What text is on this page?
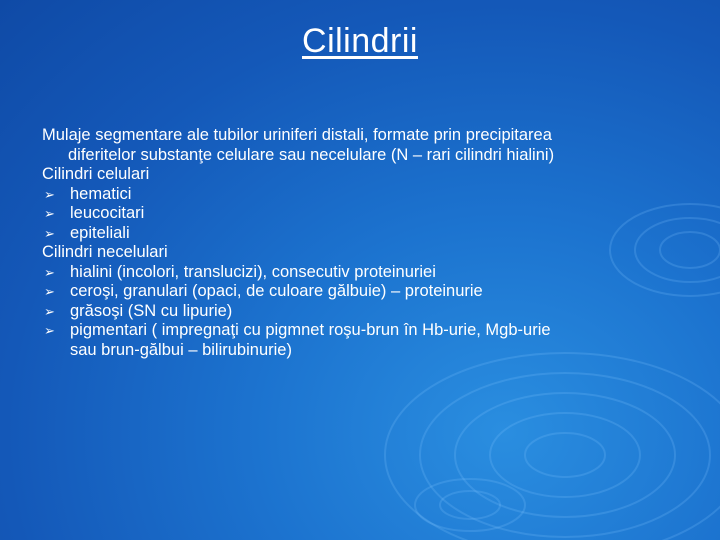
Cilindrii

Mulaje segmentare ale tubilor uriniferi distali, formate prin precipitarea
diferitelor substanţe celulare sau necelulare (N – rari cilindri hialini)

Cilindri celulari

➢ hematici

➢ leucocitari

➢ epiteliali

Cilindri necelulari

➢ hialini (incolori, translucizi), consecutiv proteinuriei

➢ ceroşi, granulari (opaci, de culoare gălbuie) – proteinurie

➢ grăsoşi (SN cu lipurie)

➢ pigmentari ( impregnaţi cu pigmnet roşu-brun în Hb-urie, Mgb-urie
sau brun-gălbui – bilirubinurie)
